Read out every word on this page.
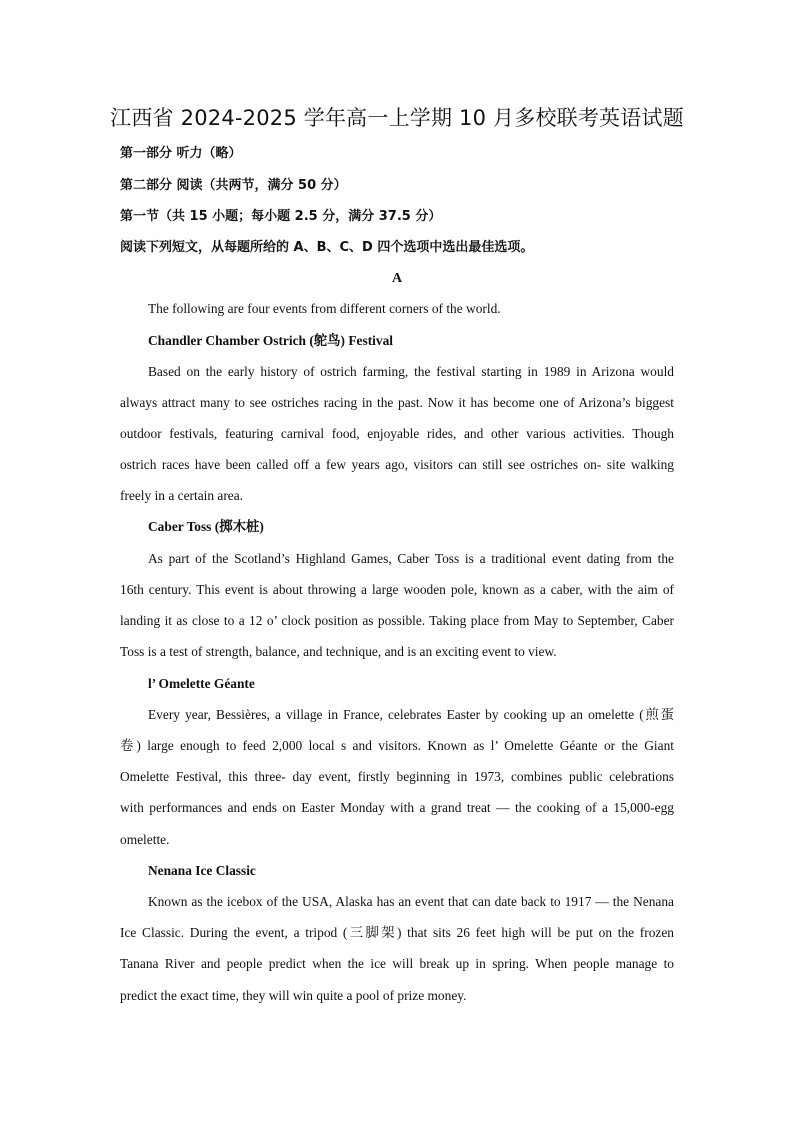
江西省 2024-2025 学年高一上学期 10 月多校联考英语试题
第一部分 听力（略）
第二部分 阅读（共两节，满分 50 分）
第一节（共 15 小题；每小题 2.5 分，满分 37.5 分）
阅读下列短文，从每题所给的 A、B、C、D 四个选项中选出最佳选项。
A
The following are four events from different corners of the world.
Chandler Chamber Ostrich (鸵鸟) Festival
Based on the early history of ostrich farming, the festival starting in 1989 in Arizona would
always attract many to see ostriches racing in the past. Now it has become one of Arizona’s biggest
outdoor festivals, featuring carnival food, enjoyable rides, and other various activities. Though
ostrich races have been called off a few years ago, visitors can still see ostriches on- site walking
freely in a certain area.
Caber Toss (掷木桩)
As part of the Scotland’s Highland Games, Caber Toss is a traditional event dating from the
16th century. This event is about throwing a large wooden pole, known as a caber, with the aim of
landing it as close to a 12 o’ clock position as possible. Taking place from May to September, Caber
Toss is a test of strength, balance, and technique, and is an exciting event to view.
l’ Omelette Géante
Every year, Bessières, a village in France, celebrates Easter by cooking up an omelette (煎蛋
卷) large enough to feed 2,000 local s and visitors. Known as l’ Omelette Géante or the Giant
Omelette Festival, this three- day event, firstly beginning in 1973, combines public celebrations
with performances and ends on Easter Monday with a grand treat — the cooking of a 15,000-egg
omelette.
Nenana Ice Classic
Known as the icebox of the USA, Alaska has an event that can date back to 1917 — the Nenana
Ice Classic. During the event, a tripod (三脚架) that sits 26 feet high will be put on the frozen
Tanana River and people predict when the ice will break up in spring. When people manage to
predict the exact time, they will win quite a pool of prize money.
